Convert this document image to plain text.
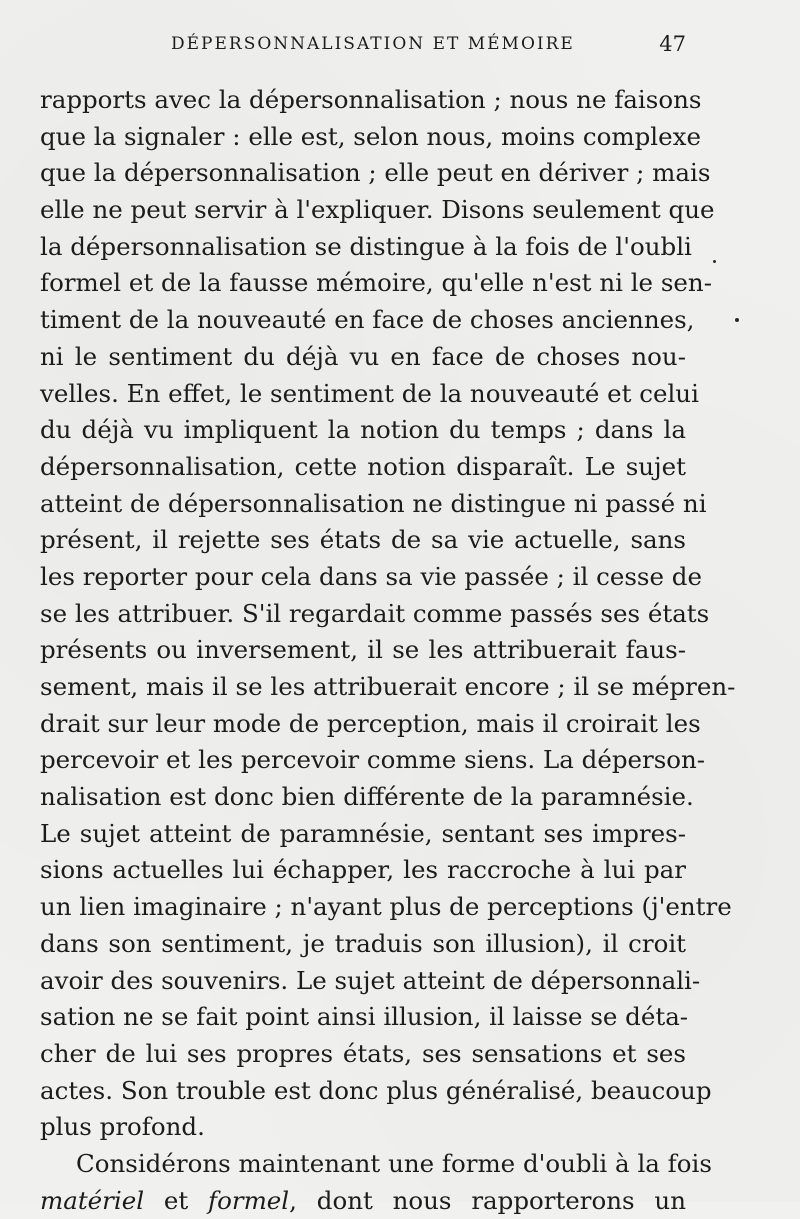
DÉPERSONNALISATION ET MÉMOIRE	47
rapports avec la dépersonnalisation ; nous ne faisons
que la signaler : elle est, selon nous, moins complexe
que la dépersonnalisation ; elle peut en dériver ; mais
elle ne peut servir à l'expliquer. Disons seulement que
la dépersonnalisation se distingue à la fois de l'oubli
formel et de la fausse mémoire, qu'elle n'est ni le sen-
timent de la nouveauté en face de choses anciennes,
ni le sentiment du déjà vu en face de choses nou-
velles. En effet, le sentiment de la nouveauté et celui
du déjà vu impliquent la notion du temps ; dans la
dépersonnalisation, cette notion disparaît. Le sujet
atteint de dépersonnalisation ne distingue ni passé ni
présent, il rejette ses états de sa vie actuelle, sans
les reporter pour cela dans sa vie passée ; il cesse de
se les attribuer. S'il regardait comme passés ses états
présents ou inversement, il se les attribuerait faus-
sement, mais il se les attribuerait encore ; il se mépren-
drait sur leur mode de perception, mais il croirait les
percevoir et les percevoir comme siens. La déperson-
nalisation est donc bien différente de la paramnésie.
Le sujet atteint de paramnésie, sentant ses impres-
sions actuelles lui échapper, les raccroche à lui par
un lien imaginaire ; n'ayant plus de perceptions (j'entre
dans son sentiment, je traduis son illusion), il croit
avoir des souvenirs. Le sujet atteint de dépersonnali-
sation ne se fait point ainsi illusion, il laisse se déta-
cher de lui ses propres états, ses sensations et ses
actes. Son trouble est donc plus généralisé, beaucoup
plus profond.
Considérons maintenant une forme d'oubli à la fois
matériel et formel, dont nous rapporterons un
